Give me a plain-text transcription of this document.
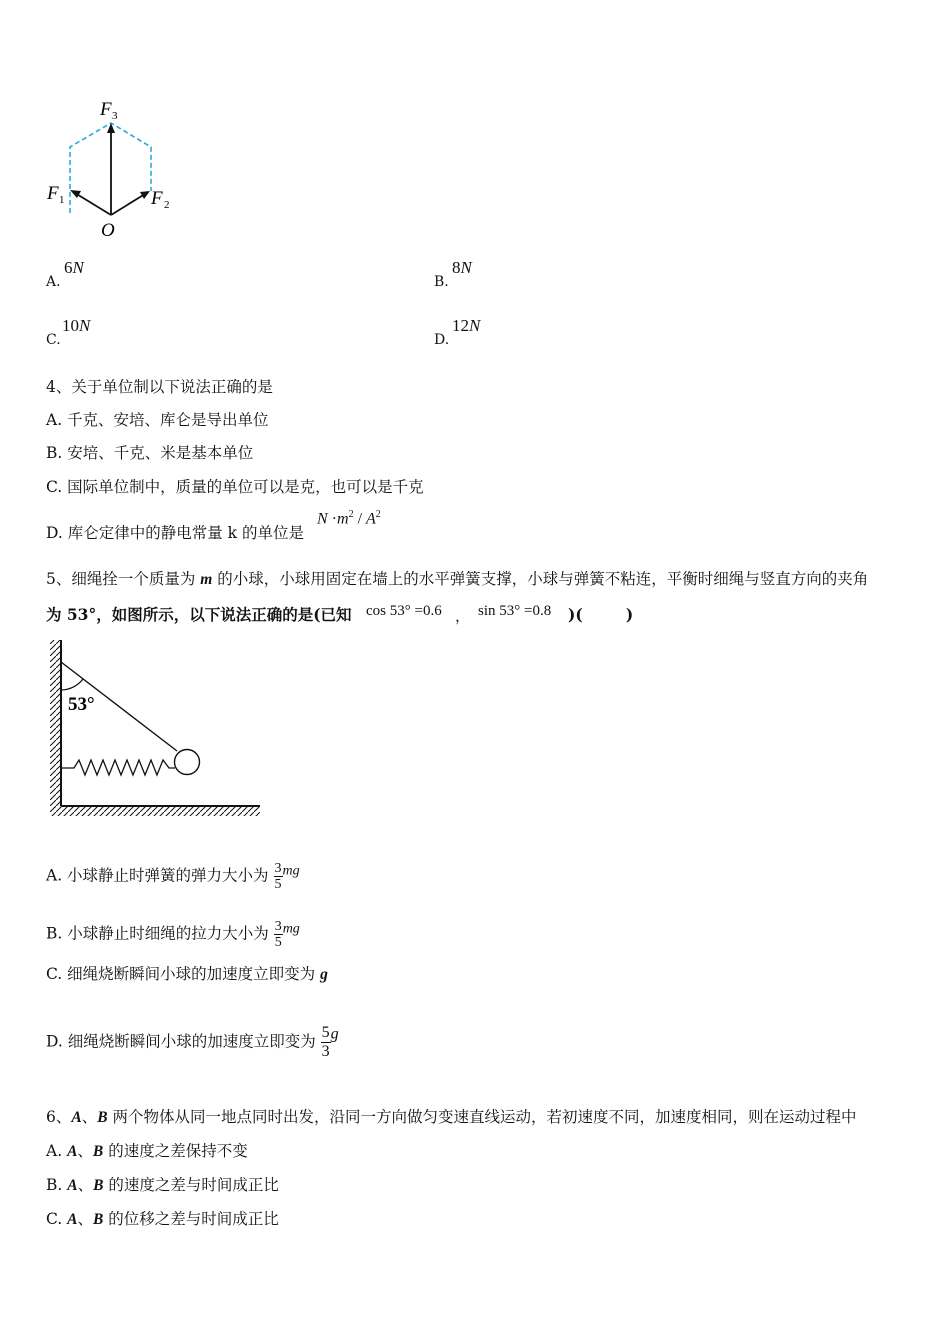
F 3
F 1	F 2
O
A.
6N
B.
8N
C.
10N
D.
12N
4、关于单位制以下说法正确的是
A. 千克、安培、库仑是导出单位
B. 安培、千克、米是基本单位
C. 国际单位制中，质量的单位可以是克，也可以是千克
D. 库仑定律中的静电常量 k 的单位是
$N \cdot m^2 / A^2$
5、细绳拴一个质量为 m 的小球，小球用固定在墙上的水平弹簧支撑，小球与弹簧不粘连，平衡时细绳与竖直方向的夹角
为 53°，如图所示，以下说法正确的是(已知 cos 53° =0.6 ， sin 53° =0.8 )(        )
53°
A. 小球静止时弹簧的弹力大小为 $\frac{3}{5}$ mg
B. 小球静止时细绳的拉力大小为 $\frac{3}{5}$ mg
C. 细绳烧断瞬间小球的加速度立即变为 g
D. 细绳烧断瞬间小球的加速度立即变为 $\frac{5}{3}$ g
6、A、B 两个物体从同一地点同时出发，沿同一方向做匀变速直线运动，若初速度不同，加速度相同，则在运动过程中
A. A、B 的速度之差保持不变
B. A、B 的速度之差与时间成正比
C. A、B 的位移之差与时间成正比
